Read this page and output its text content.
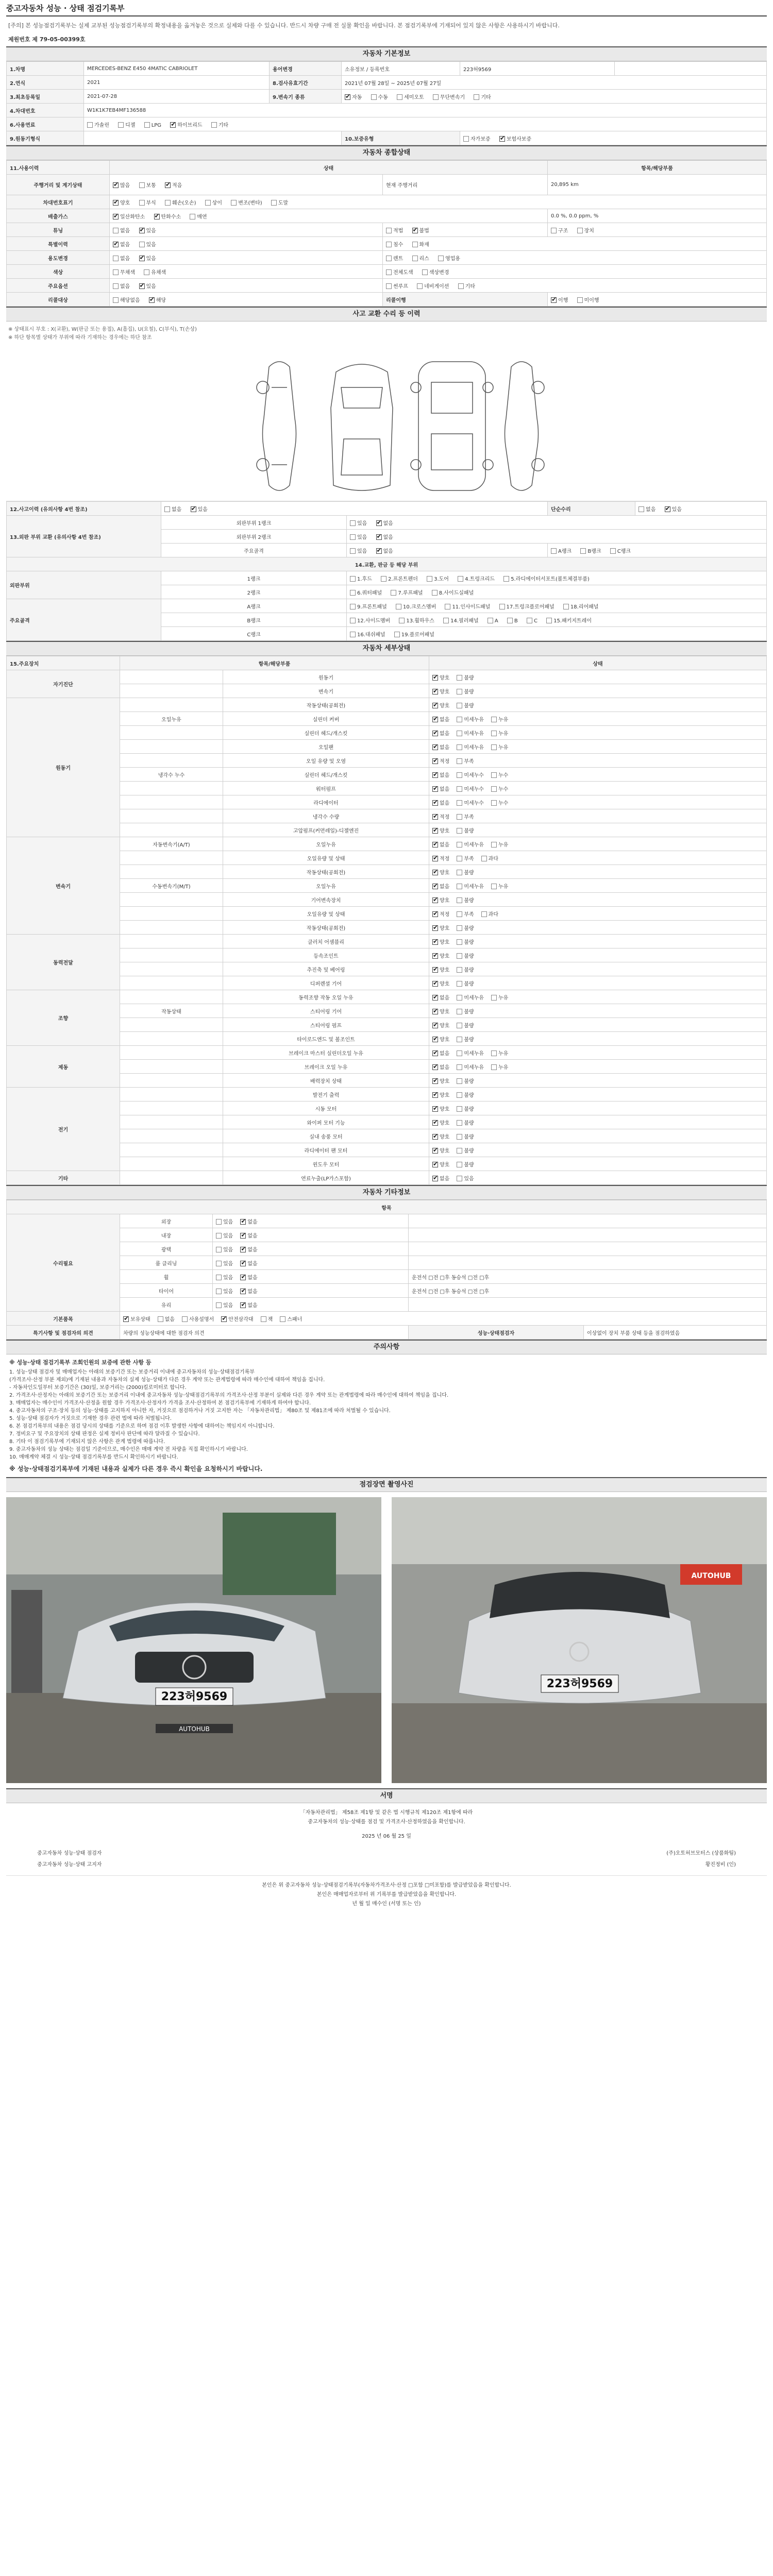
중고자동차 성능 · 상태 점검기록부
[주의] 본 성능점검기록부는 실제 교부된 성능점검기록부의 확정내용을 옮겨놓은 것으로 실제와 다를 수 있습니다. 반드시 차량 구매 전 실물 확인을 바랍니다. 본 점검기록부에 기재되어 있지 않은 사항은 사용하시기 바랍니다.
제원번호 제 79-05-00399호
자동차 기본정보
1.차명	MERCEDES-BENZ E450 4MATIC CABRIOLET	용어변경	소유정보 / 등록번호	223허9569	
2.연식	2021	8.검사유효기간	2021년 07월 28일 ~ 2025년 07월 27일		
3.최초등록일	2021-07-28	9.변속기 종류	✔자동 수동 세미오토 무단변속기 기타
4.차대번호	W1K1K7EB4MF136588				
6.사용연료	가솔린 디젤 LPG ✔ 하이브리드 기타
9.원동기형식			10.보증유형	자가보증 ✔ 보험사보증
자동차 종합상태
11.사용이력	상태		항목/해당부품
주행거리 및 계기상태	✔많음 보통 ✔ 적음	현재 주행거리	20,895 km
차대번호표기	✔양호 부식 훼손(오손) 상이 변조(변타) 도말
배출가스	✔일산화탄소 ✔ 탄화수소 매연		0.0 %, 0.0 ppm, %
튜닝	없음 ✔ 있음	적법 ✔ 불법	구조 장치
특별이력	✔없음 있음	침수 화재	
용도변경	없음 ✔ 있음	렌트 리스 영업용	
색상	무채색 유채색	전체도색 색상변경	
주요옵션	없음 ✔ 있음	썬루프 네비게이션 기타	
리콜대상	해당없음 ✔ 해당	리콜이행	✔이행 미이행
사고 교환 수리 등 이력
※ 상태표시 부호 : X(교환), W(판금 또는 용접), A(흠집), U(요철), C(부식), T(손상)
※ 하단 항목별 상태가 부위에 따라 기재하는 경우에는 하단 참조
12.사고이력 (유의사항 4번 참조)	없음 ✔ 있음		단순수리	없음 ✔ 있음
13.외판 부위 교환 (유의사항 4번 참조)	외판부위 1랭크	있음 ✔ 없음
	외판부위 2랭크	있음 ✔ 없음
	주요골격	있음 ✔ 없음	A랭크 B랭크 C랭크	
14.교환, 판금 등 해당 부위				
외판부위	1랭크	1.후드 2.프론트펜더 3.도어 4.트렁크리드 5.라디에이터서포트(볼트체결부품)		
	2랭크	6.쿼터패널 7.루프패널 8.사이드실패널		
주요골격	A랭크	9.프론트패널 10.크로스멤버 11.인사이드패널 17.트렁크플로어패널 18.리어패널		
	B랭크	12.사이드멤버 13.휠하우스 14.필러패널 A B C 15.패키지트레이		
	C랭크	16.대쉬패널 19.플로어패널		
자동차 세부상태
15.주요장치	항목/해당부품		상태
자기진단		원동기	✔양호 불량
		변속기	✔양호 불량
원동기		작동상태(공회전)	✔양호 불량
	오일누유	실린더 커버	✔없음 미세누유 누유
		실린더 헤드/개스킷	✔없음 미세누유 누유
		오일팬	✔없음 미세누유 누유
		오일 유량 및 오염	✔적정 부족
	냉각수 누수	실린더 헤드/개스킷	✔없음 미세누수 누수
		워터펌프	✔없음 미세누수 누수
		라디에이터	✔없음 미세누수 누수
		냉각수 수량	✔적정 부족
		고압펌프(커먼레일)-디젤엔진	✔양호 불량
변속기	자동변속기(A/T)	오일누유	✔없음 미세누유 누유
		오일유량 및 상태	✔적정 부족 과다
		작동상태(공회전)	✔양호 불량
	수동변속기(M/T)	오일누유	✔없음 미세누유 누유
		기어변속장치	✔양호 불량
		오일유량 및 상태	✔적정 부족 과다
		작동상태(공회전)	✔양호 불량
동력전달		클러치 어셈블리	✔양호 불량
		등속조인트	✔양호 불량
		추진축 및 베어링	✔양호 불량
		디퍼렌셜 기어	✔양호 불량
조향		동력조향 작동 오일 누유	✔없음 미세누유 누유
	작동상태	스티어링 기어	✔양호 불량
		스티어링 펌프	✔양호 불량
		타이로드엔드 및 볼조인트	✔양호 불량
제동		브레이크 마스터 실린더오일 누유	✔없음 미세누유 누유
		브레이크 오일 누유	✔없음 미세누유 누유
		배력장치 상태	✔양호 불량
전기		발전기 출력	✔양호 불량
		시동 모터	✔양호 불량
		와이퍼 모터 기능	✔양호 불량
		실내 송풍 모터	✔양호 불량
		라디에이터 팬 모터	✔양호 불량
		윈도우 모터	✔양호 불량
기타		연료누출(LP가스포함)	✔없음 있음
자동차 기타정보
항목				
수리필요	외장	있음 ✔ 없음	
	내장	있음 ✔ 없음	
	광택	있음 ✔ 없음	
	룸 클리닝	있음 ✔ 없음	
	휠	있음 ✔ 없음	운전석 □전 □후 동승석 □전 □후	
	타이어	있음 ✔ 없음	운전석 □전 □후 동승석 □전 □후	
	유리	있음 ✔ 없음	
기본품목	✔보유상태 없음 사용설명서 ✔ 안전삼각대 잭 스패너
특기사항 및 점검자의 의견	차량의 성능상태에 대한 점검자 의견		성능·상태점검자	이상없이 장치 부품 상태 등을 점검하였음
주의사항
※ 성능·상태 점검기록부 조회인원의 보증에 관한 사항 등
1. 성능·상태 점검자 및 매매업자는 아래의 보증기간 또는 보증거리 이내에 중고자동차의 성능·상태점검기록부
(가격조사·산정 부분 제외)에 기재된 내용과 자동차의 실제 성능·상태가 다른 경우 계약 또는 관계법령에 따라 매수인에 대하여 책임을 집니다.
- 자동차인도일부터 보증기간은 (30)일, 보증거리는 (2000)킬로미터로 합니다.
2. 가격조사·산정자는 아래의 보증기간 또는 보증거리 이내에 중고자동차 성능·상태점검기록부의 가격조사·산정 부분이 실제와 다른 경우 계약 또는 관계법령에 따라 매수인에 대하여 책임을 집니다.
3. 매매업자는 매수인이 가격조사·산정을 원할 경우 가격조사·산정자가 가격을 조사·산정하여 본 점검기록부에 기재하게 하여야 합니다.
4. 중고자동차의 구조·장치 등의 성능·상태를 고지하지 아니한 자, 거짓으로 점검하거나 거짓 고지한 자는 「자동차관리법」 제80조 및 제81조에 따라 처벌될 수 있습니다.
5. 성능·상태 점검자가 거짓으로 기재한 경우 관련 법에 따라 처벌됩니다.
6. 본 점검기록부의 내용은 점검 당시의 상태를 기준으로 하며 점검 이후 발생한 사항에 대하여는 책임지지 아니합니다.
7. 정비요구 및 주요장치의 상태 판정은 실제 정비사 판단에 따라 달라질 수 있습니다.
8. 기타 이 점검기록부에 기재되지 않은 사항은 관계 법령에 따릅니다.
9. 중고자동차의 성능 상태는 점검일 기준이므로, 매수인은 매매 계약 전 차량을 직접 확인하시기 바랍니다.
10. 매매계약 체결 시 성능·상태 점검기록부를 반드시 확인하시기 바랍니다.
※ 성능·상태점검기록부에 기재된 내용과 실제가 다른 경우 즉시 확인을 요청하시기 바랍니다.
점검장면 촬영사진
223허9569
AUTOHUB
223허9569
AUTOHUB
서명
「자동차관리법」 제58조 제1항 및 같은 법 시행규칙 제120조 제1항에 따라
중고자동차의 성능·상태를 점검 및 가격조사·산정하였음을 확인합니다.
2025 년 06 월 25 일
중고자동차 성능·상태 점검자	(주)오토허브모터스 (상품화팀)
중고자동차 성능·상태 고지자	황진정비 (인)
본인은 위 중고자동차 성능·상태점검기록부(자동차가격조사·산정 □포함 □미포함)를 발급받았음을 확인합니다.
본인은 매매업자로부터 위 기록부를 발급받았음을 확인합니다.
년 월 일 매수인 (서명 또는 인)
